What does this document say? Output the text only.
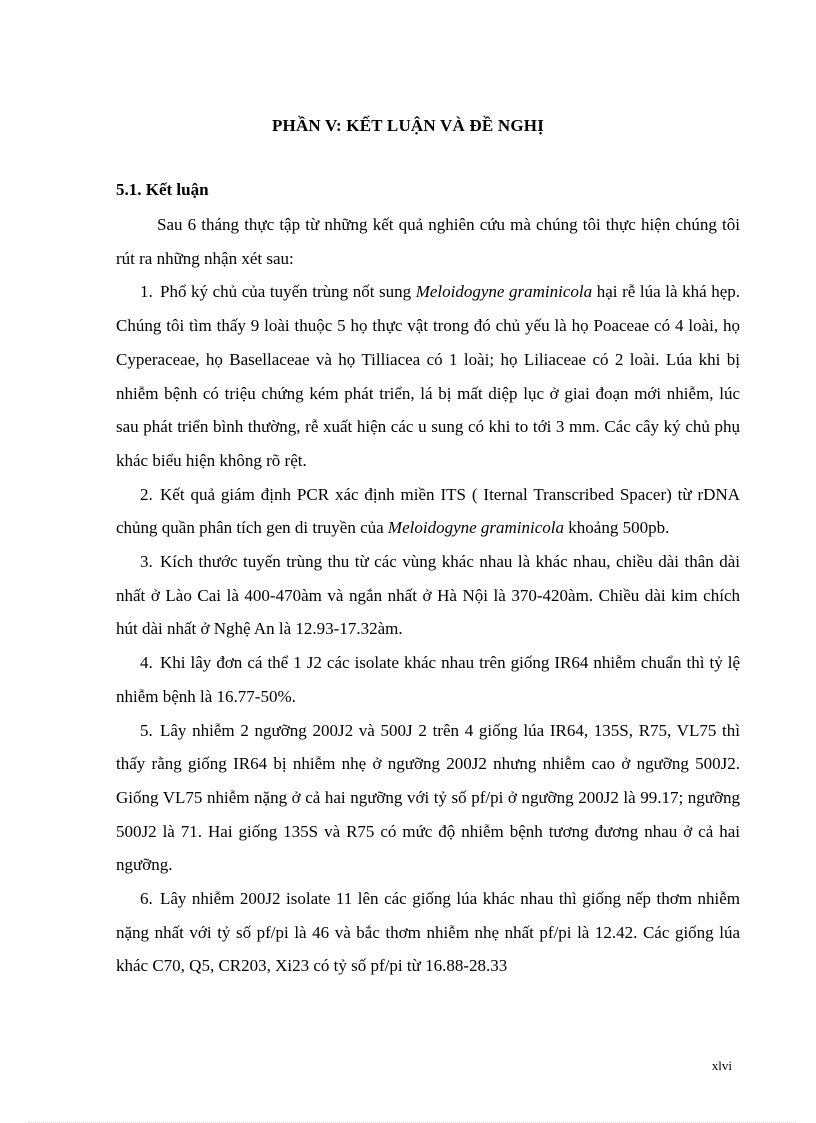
PHẦN V: KẾT LUẬN VÀ ĐỀ NGHỊ
5.1. Kết luận

Sau 6 tháng thực tập từ những kết quả nghiên cứu mà chúng tôi thực hiện chúng tôi rút ra những nhận xét sau:

1. Phổ ký chủ của tuyến trùng nốt sung Meloidogyne graminicola hại rễ lúa là khá hẹp. Chúng tôi tìm thấy 9 loài thuộc 5 họ thực vật trong đó chủ yếu là họ Poaceae có 4 loài, họ Cyperaceae, họ Basellaceae và họ Tilliacea có 1 loài; họ Liliaceae có 2 loài. Lúa khi bị nhiễm bệnh có triệu chứng kém phát triển, lá bị mất diệp lục ở giai đoạn mới nhiễm, lúc sau phát triển bình thường, rễ xuất hiện các u sung có khi to tới 3 mm. Các cây ký chủ phụ khác biểu hiện không rõ rệt.

2. Kết quả giám định PCR xác định miền ITS ( Iternal Transcribed Spacer) từ rDNA chủng quần phân tích gen di truyền của Meloidogyne graminicola khoảng 500pb.

3. Kích thước tuyến trùng thu từ các vùng khác nhau là khác nhau, chiều dài thân dài nhất ở Lào Cai là 400-470àm và ngắn nhất ở Hà Nội là 370-420àm. Chiều dài kim chích hút dài nhất ở Nghệ An là 12.93-17.32àm.

4. Khi lây đơn cá thể 1 J2 các isolate khác nhau trên giống IR64 nhiễm chuẩn thì tỷ lệ nhiễm bệnh là 16.77-50%.

5. Lây nhiễm 2 ngưỡng 200J2 và 500J 2 trên 4 giống lúa IR64, 135S, R75, VL75 thì thấy rằng giống IR64 bị nhiễm nhẹ ở ngưỡng 200J2 nhưng nhiễm cao ở ngưỡng 500J2. Giống VL75 nhiễm nặng ở cả hai ngưỡng với tỷ số pf/pi ở ngưỡng 200J2 là 99.17; ngưỡng 500J2 là 71. Hai giống 135S và R75 có mức độ nhiễm bệnh tương đương nhau ở cả hai ngưỡng.

6. Lây nhiễm 200J2 isolate 11 lên các giống lúa khác nhau thì giống nếp thơm nhiễm nặng nhất với tỷ số pf/pi là 46 và bắc thơm nhiễm nhẹ nhất pf/pi là 12.42. Các giống lúa khác C70, Q5, CR203, Xi23 có tỷ số pf/pi từ 16.88-28.33

xlvi
